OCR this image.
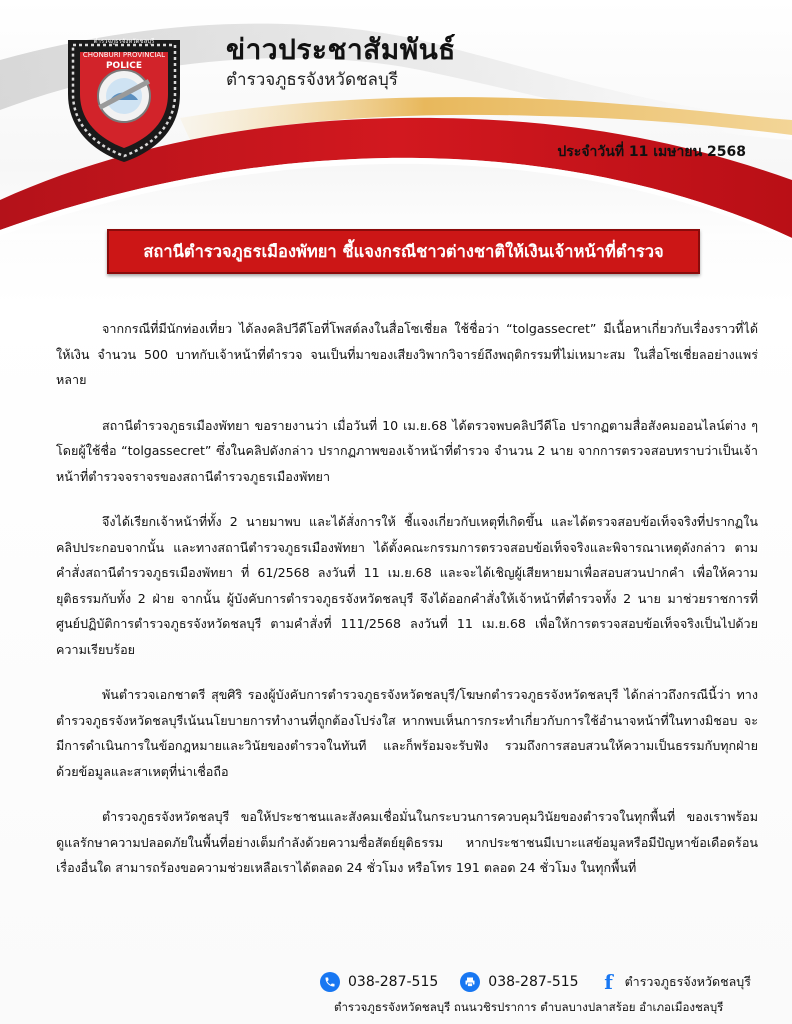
ตำรวจภูธรจังหวัดชลบุรี
CHONBURI PROVINCIAL
POLICE	ข่าวประชาสัมพันธ์
ตำรวจภูธรจังหวัดชลบุรี
ประจำวันที่ 11 เมษายน 2568
สถานีตำรวจภูธรเมืองพัทยา ชี้แจงกรณีชาวต่างชาติให้เงินเจ้าหน้าที่ตำรวจ

จากกรณีที่มีนักท่องเที่ยว ได้ลงคลิปวีดีโอที่โพสต์ลงในสื่อโซเชี่ยล ใช้ชื่อว่า “tolgassecret” มีเนื้อหาเกี่ยวกับเรื่องราวที่ได้ให้เงิน จำนวน 500 บาทกับเจ้าหน้าที่ตำรวจ จนเป็นที่มาของเสียงวิพากวิจารย์ถึงพฤติกรรมที่ไม่เหมาะสม ในสื่อโซเชี่ยลอย่างแพร่หลาย

สถานีตำรวจภูธรเมืองพัทยา ขอรายงานว่า เมื่อวันที่ 10 เม.ย.68 ได้ตรวจพบคลิปวีดีโอ ปรากฏตามสื่อสังคมออนไลน์ต่าง ๆ โดยผู้ใช้ชื่อ “tolgassecret” ซึ่งในคลิปดังกล่าว ปรากฏภาพของเจ้าหน้าที่ตำรวจ จำนวน 2 นาย จากการตรวจสอบทราบว่าเป็นเจ้าหน้าที่ตำรวจจราจรของสถานีตำรวจภูธรเมืองพัทยา

จึงได้เรียกเจ้าหน้าที่ทั้ง 2 นายมาพบ และได้สั่งการให้ ชี้แจงเกี่ยวกับเหตุที่เกิดขึ้น และได้ตรวจสอบข้อเท็จจริงที่ปรากฏในคลิปประกอบจากนั้น และทางสถานีตำรวจภูธรเมืองพัทยา ได้ตั้งคณะกรรมการตรวจสอบข้อเท็จจริงและพิจารณาเหตุดังกล่าว ตามคำสั่งสถานีตำรวจภูธรเมืองพัทยา ที่ 61/2568 ลงวันที่ 11 เม.ย.68 และจะได้เชิญผู้เสียหายมาเพื่อสอบสวนปากคำ เพื่อให้ความยุติธรรมกับทั้ง 2 ฝ่าย จากนั้น ผู้บังคับการตำรวจภูธรจังหวัดชลบุรี จึงได้ออกคำสั่งให้เจ้าหน้าที่ตำรวจทั้ง 2 นาย มาช่วยราชการที่ ศูนย์ปฏิบัติการตำรวจภูธรจังหวัดชลบุรี ตามคำสั่งที่ 111/2568 ลงวันที่ 11 เม.ย.68 เพื่อให้การตรวจสอบข้อเท็จจริงเป็นไปด้วยความเรียบร้อย

พันตำรวจเอกชาตรี สุขศิริ รองผู้บังคับการตำรวจภูธรจังหวัดชลบุรี/โฆษกตำรวจภูธรจังหวัดชลบุรี ได้กล่าวถึงกรณีนี้ว่า ทางตำรวจภูธรจังหวัดชลบุรีเน้นนโยบายการทำงานที่ถูกต้องโปร่งใส หากพบเห็นการกระทำเกี่ยวกับการใช้อำนาจหน้าที่ในทางมิชอบ จะมีการดำเนินการในข้อกฎหมายและวินัยของตำรวจในทันที และก็พร้อมจะรับฟัง รวมถึงการสอบสวนให้ความเป็นธรรมกับทุกฝ่าย ด้วยข้อมูลและสาเหตุที่น่าเชื่อถือ

ตำรวจภูธรจังหวัดชลบุรี ขอให้ประชาชนและสังคมเชื่อมั่นในกระบวนการควบคุมวินัยของตำรวจในทุกพื้นที่ ของเราพร้อมดูแลรักษาความปลอดภัยในพื้นที่อย่างเต็มกำลังด้วยความซื่อสัตย์ยุติธรรม หากประชาชนมีเบาะแสข้อมูลหรือมีปัญหาข้อเดือดร้อนเรื่องอื่นใด สามารถร้องขอความช่วยเหลือเราได้ตลอด 24 ชั่วโมง หรือโทร 191 ตลอด 24 ชั่วโมง ในทุกพื้นที่

038-287-515	038-287-515 f ตำรวจภูธรจังหวัดชลบุรี
ตำรวจภูธรจังหวัดชลบุรี ถนนวชิรปราการ ตำบลบางปลาสร้อย อำเภอเมืองชลบุรี
